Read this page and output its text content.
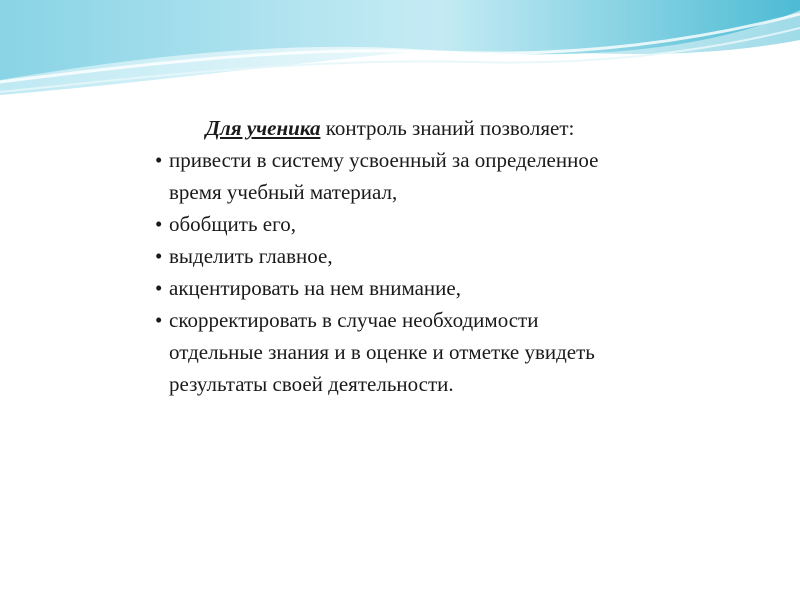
Для ученика контроль знаний позволяет:

• привести в систему усвоенный за определенное время учебный материал,
• обобщить его,
• выделить главное,
• акцентировать на нем внимание,
• скорректировать в случае необходимости отдельные знания и в оценке и отметке увидеть результаты своей деятельности.
